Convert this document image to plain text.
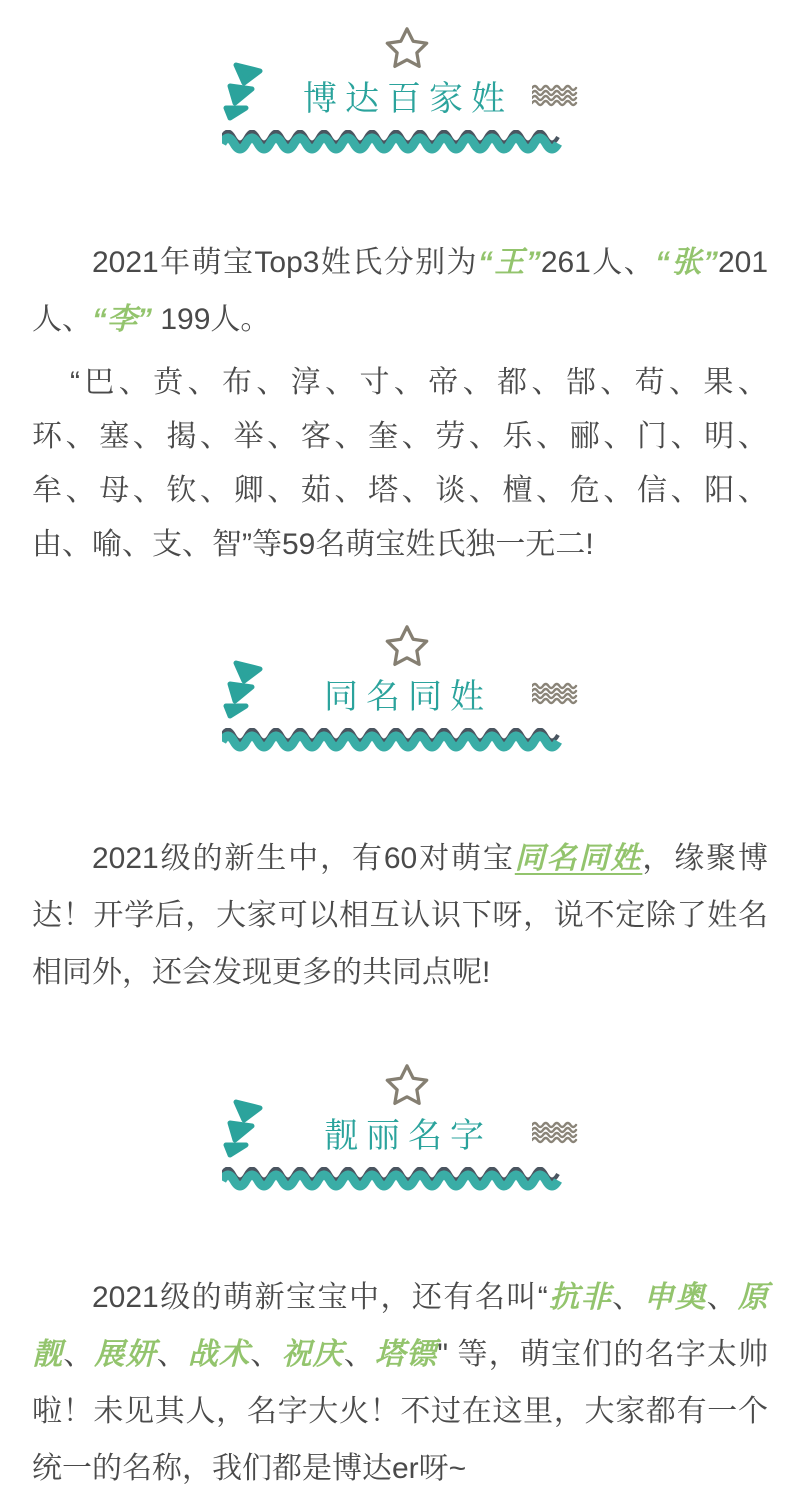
博达百家姓

2021年萌宝Top3姓氏分别为“王”261人、“张”201人、“李” 199人。

“ 巴 、 贲 、 布 、 淳 、 寸 、 帝 、 都 、 郜 、 苟 、 果 、
环 、 塞 、 揭 、 举 、 客 、 奎 、 劳 、 乐 、 郦 、 门 、 明 、
牟 、 母 、 钦 、 卿 、 茹 、 塔 、 谈 、 檀 、 危 、 信 、 阳 、
由、喻、支、智”等59名萌宝姓氏独一无二!
同名同姓

2021级的新生中，有60对萌宝同名同姓，缘聚博达！开学后，大家可以相互认识下呀，说不定除了姓名相同外，还会发现更多的共同点呢!

靓丽名字

2021级的萌新宝宝中，还有名叫“抗非、申奥、原靓、展妍、战术、祝庆、塔镖" 等，萌宝们的名字太帅啦！未见其人，名字大火！不过在这里，大家都有一个统一的名称，我们都是博达er呀~
